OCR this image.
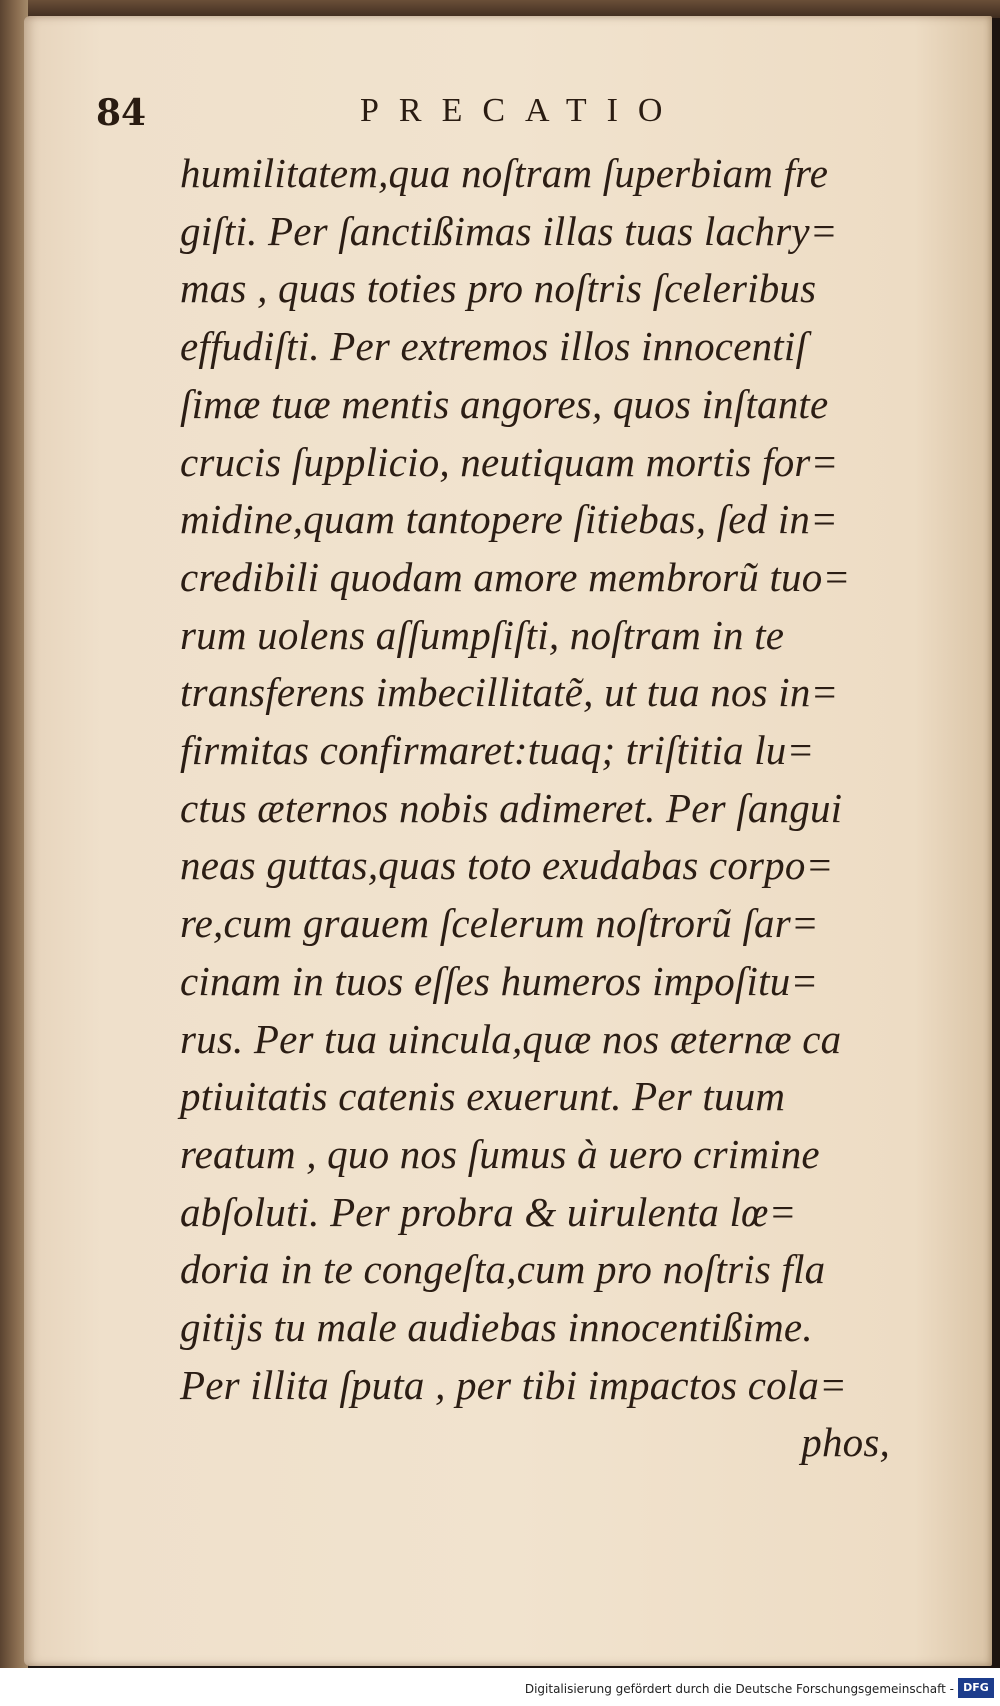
84	PRECATIO
humilitatem,qua noſtram ſuperbiam fre
giſti. Per ſanctißimas illas tuas lachry=
mas , quas toties pro noſtris ſceleribus
effudiſti. Per extremos illos innocentiſ
ſimæ tuæ mentis angores, quos inſtante
crucis ſupplicio, neutiquam mortis for=
midine,quam tantopere ſitiebas, ſed in=
credibili quodam amore membrorũ tuo=
rum uolens aſſumpſiſti, noſtram in te
transferens imbecillitatẽ, ut tua nos in=
firmitas confirmaret:tuaq; triſtitia lu=
ctus æternos nobis adimeret. Per ſangui
neas guttas,quas toto exudabas corpo=
re,cum grauem ſcelerum noſtrorũ ſar=
cinam in tuos eſſes humeros impoſitu=
rus. Per tua uincula,quæ nos æternæ ca
ptiuitatis catenis exuerunt. Per tuum
reatum , quo nos ſumus à uero crimine
abſoluti. Per probra & uirulenta lœ=
doria in te congeſta,cum pro noſtris fla
gitijs tu male audiebas innocentißime.
Per illita ſputa , per tibi impactos cola=
phos,
Digitalisierung gefördert durch die Deutsche Forschungsgemeinschaft - DFG
